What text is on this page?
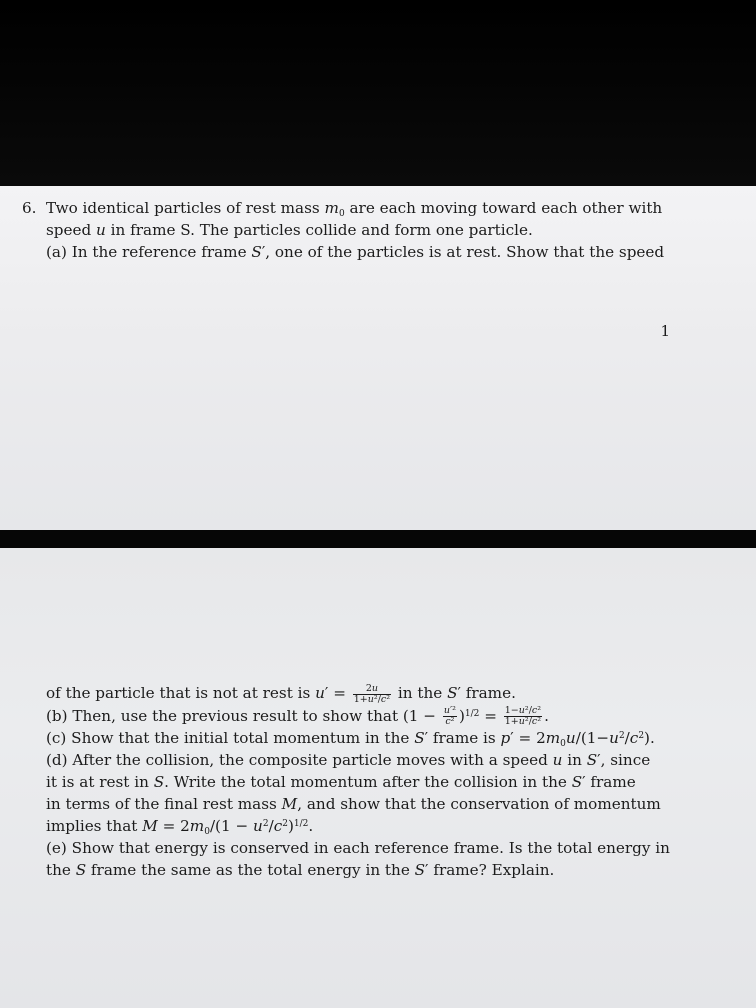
6. Two identical particles of rest mass $m_0$ are each moving toward each other with
speed u in frame S. The particles collide and form one particle.
(a) In the reference frame S′, one of the particles is at rest. Show that the speed
1
of the particle that is not at rest is $u' = \frac{2u}{\text{1+u²/c²}}$ in the S′ frame.
(b) Then, use the previous result to show that $(1 - \frac{\text{u′²}}{\text{c²}} )^{1/2} = \frac{\text{1−u²/c²}}{\text{1+u²/c²}}$ .
(c) Show that the initial total momentum in the S′ frame is $p' = 2m_0u/(1-u^2/c^2)$.
(d) After the collision, the composite particle moves with a speed u in S′, since
it is at rest in S. Write the total momentum after the collision in the S′ frame
in terms of the final rest mass M, and show that the conservation of momentum
implies that $M = 2m_0/(1 - u^2/c^2)^{1/2}$.
(e) Show that energy is conserved in each reference frame. Is the total energy in
the S frame the same as the total energy in the S′ frame? Explain.
